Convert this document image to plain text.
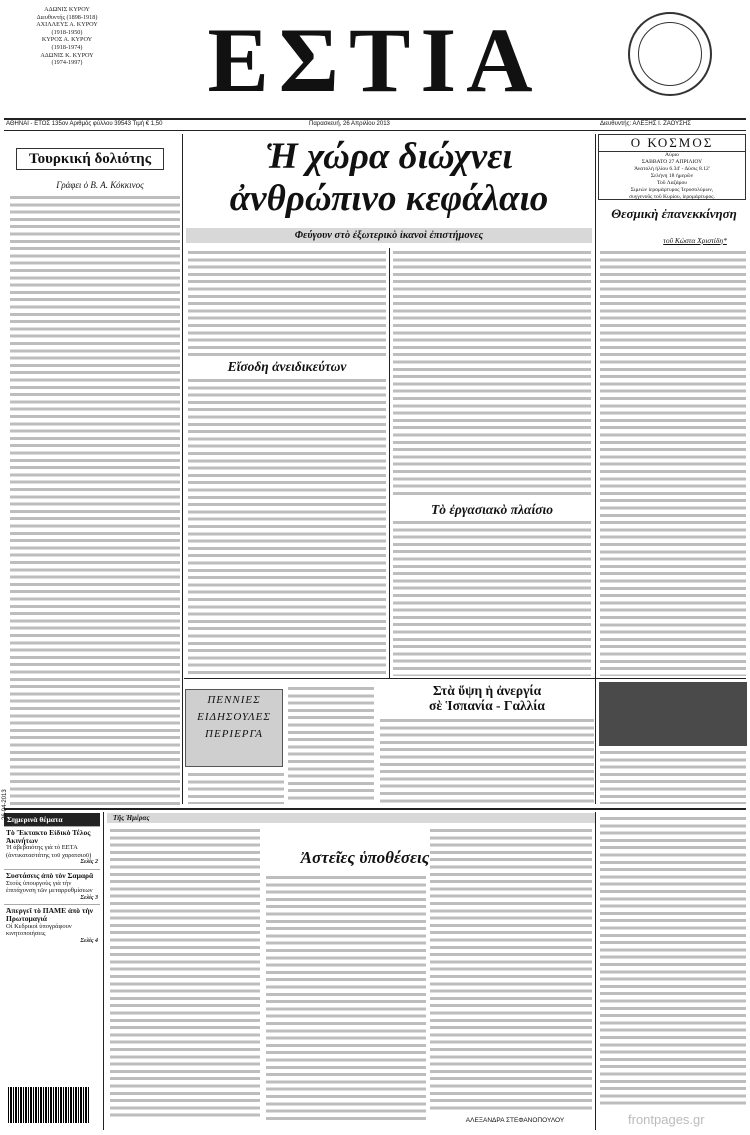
ΑΔΩΝΙΣ ΚΥΡΟΥ
Διευθυντής (1898-1918)
ΑΧΙΛΛΕΥΣ Α. ΚΥΡΟΥ
(1918-1950)
ΚΥΡΟΣ Α. ΚΥΡΟΥ
(1918-1974)
ΑΔΩΝΙΣ Κ. ΚΥΡΟΥ
(1974-1997)	ΕΣΤΙΑ
ΑΘΗΝΑΙ - ΕΤΟΣ 135ον Αριθμός φύλλου 39543 Τιμή € 1,50	Παρασκευή, 26 Απριλίου 2013	Διευθυντής: ΑΛΕΞΗΣ Ι. ΖΑΟΥΣΗΣ
Τουρκική δολιότης
Γράφει ὁ Β. Α. Κόκκινος
Ἡ χώρα διώχνει
ἀνθρώπινο κεφάλαιο
Φεύγουν στὸ ἐξωτερικὸ ἱκανοὶ ἐπιστήμονες
Εἴσοδη ἀνειδικεύτων
Τὸ ἐργασιακὸ πλαίσιο
Ο ΚΟΣΜΟΣ
Αύριο
ΣΑΒΒΑΤΟ 27 ΑΠΡΙΛΙΟΥ
Άνατολή ήλίου 6.34' - Δύσις 8.12'
Σελήνη 18 ήμερῶν
Τοῦ Λαζάρου
Σιμεών ἱερομάρτυρος Ἱεροσολύμων,
συγγενοῦς τοῦ Κυρίου, ἱερομάρτυρος.
Θεσμικὴ ἐπανεκκίνηση
τοῦ Κώστα Χριστίδη*
ΠΕΝΝΙΕΣ
ΕΙΔΗΣΟΥΛΕΣ
ΠΕΡΙΕΡΓΑ
Στὰ ὕψη ἡ ἀνεργία
σὲ Ἱσπανία - Γαλλία
Σημερινὰ θέματα
Τὸ Ἔκτακτο Εἰδικὸ Τέλος Ἀκινήτων
Ἡ ἀβεβαιότης γιὰ τὸ ΕΕΤΑ (ἀντικαταστάτης τοῦ χαρατσιοῦ)
Σελὶς 2
Συστάσεις ἀπὸ τὸν Σαμαρᾶ
Στοὺς ὑπουργοὺς γιὰ τὴν ἐπιτάχυνση τῶν μεταρρυθμίσεων
Σελὶς 3
Ἀπεργεῖ τὸ ΠΑΜΕ ἀπὸ τὴν Πρωτομαγιά
Οἱ Κεδρικοὶ ὑπογράφουν κινητοποιήσεις
Σελὶς 4
Τῆς Ἡμέρας
Ἀστεῖες ὑποθέσεις
ΑΛΕΞΑΝΔΡΑ ΣΤΕΦΑΝΟΠΟΥΛΟΥ
26-04-2013
frontpages.gr
